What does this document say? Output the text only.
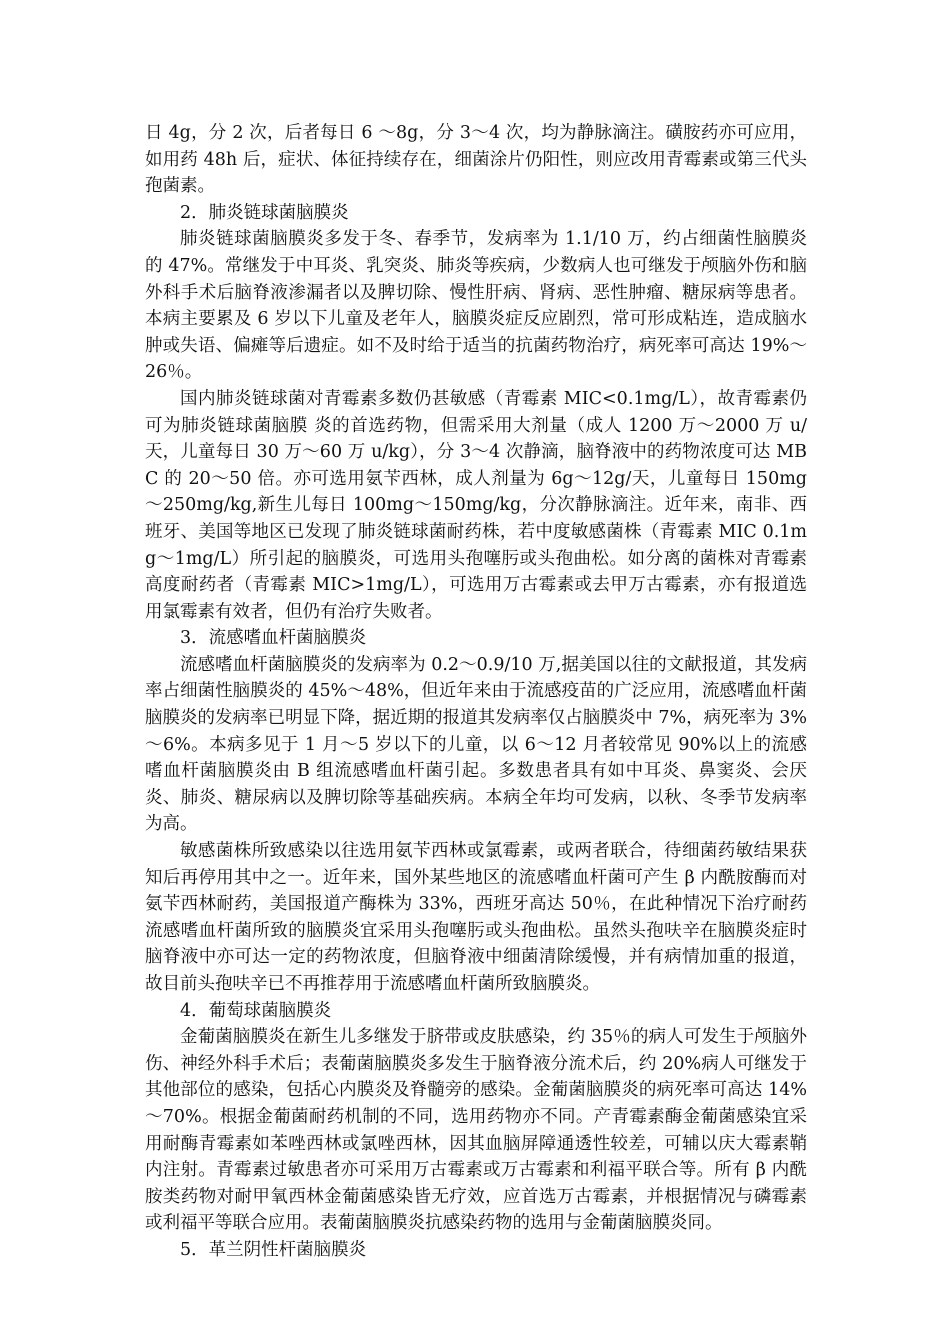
日 4g，分 2 次，后者每日 6 ～8g，分 3～4 次，均为静脉滴注。磺胺药亦可应用，如用药 48h 后，症状、体征持续存在，细菌涂片仍阳性，则应改用青霉素或第三代头孢菌素。

2．肺炎链球菌脑膜炎

肺炎链球菌脑膜炎多发于冬、春季节，发病率为 1.1/10 万，约占细菌性脑膜炎的 47%。常继发于中耳炎、乳突炎、肺炎等疾病，少数病人也可继发于颅脑外伤和脑外科手术后脑脊液渗漏者以及脾切除、慢性肝病、肾病、恶性肿瘤、糖尿病等患者。本病主要累及 6 岁以下儿童及老年人，脑膜炎症反应剧烈，常可形成粘连，造成脑水肿或失语、偏瘫等后遗症。如不及时给于适当的抗菌药物治疗，病死率可高达 19%～26％。

国内肺炎链球菌对青霉素多数仍甚敏感（青霉素 MIC<0.1mg/L），故青霉素仍可为肺炎链球菌脑膜 炎的首选药物，但需采用大剂量（成人 1200 万～2000 万 u/天，儿童每日 30 万～60 万 u/kg），分 3～4 次静滴，脑脊液中的药物浓度可达 MBC 的 20～50 倍。亦可选用氨苄西林，成人剂量为 6g～12g/天，儿童每日 150mg～250mg/kg,新生儿每日 100mg～150mg/kg，分次静脉滴注。近年来，南非、西班牙、美国等地区已发现了肺炎链球菌耐药株，若中度敏感菌株（青霉素 MIC 0.1mg～1mg/L）所引起的脑膜炎，可选用头孢噻肟或头孢曲松。如分离的菌株对青霉素高度耐药者（青霉素 MIC>1mg/L），可选用万古霉素或去甲万古霉素，亦有报道选用氯霉素有效者，但仍有治疗失败者。

3．流感嗜血杆菌脑膜炎

流感嗜血杆菌脑膜炎的发病率为 0.2～0.9/10 万,据美国以往的文献报道，其发病率占细菌性脑膜炎的 45%～48%，但近年来由于流感疫苗的广泛应用，流感嗜血杆菌脑膜炎的发病率已明显下降，据近期的报道其发病率仅占脑膜炎中 7%，病死率为 3%～6%。本病多见于 1 月～5 岁以下的儿童，以 6～12 月者较常见 90%以上的流感嗜血杆菌脑膜炎由 B 组流感嗜血杆菌引起。多数患者具有如中耳炎、鼻窦炎、会厌炎、肺炎、糖尿病以及脾切除等基础疾病。本病全年均可发病，以秋、冬季节发病率为高。

敏感菌株所致感染以往选用氨苄西林或氯霉素，或两者联合，待细菌药敏结果获知后再停用其中之一。近年来，国外某些地区的流感嗜血杆菌可产生 β 内酰胺酶而对氨苄西林耐药，美国报道产酶株为 33%，西班牙高达 50％，在此种情况下治疗耐药流感嗜血杆菌所致的脑膜炎宜采用头孢噻肟或头孢曲松。虽然头孢呋辛在脑膜炎症时脑脊液中亦可达一定的药物浓度，但脑脊液中细菌清除缓慢，并有病情加重的报道，故目前头孢呋辛已不再推荐用于流感嗜血杆菌所致脑膜炎。

4．葡萄球菌脑膜炎

金葡菌脑膜炎在新生儿多继发于脐带或皮肤感染，约 35％的病人可发生于颅脑外伤、神经外科手术后；表葡菌脑膜炎多发生于脑脊液分流术后，约 20%病人可继发于其他部位的感染，包括心内膜炎及脊髓旁的感染。金葡菌脑膜炎的病死率可高达 14%～70%。根据金葡菌耐药机制的不同，选用药物亦不同。产青霉素酶金葡菌感染宜采用耐酶青霉素如苯唑西林或氯唑西林，因其血脑屏障通透性较差，可辅以庆大霉素鞘内注射。青霉素过敏患者亦可采用万古霉素或万古霉素和利福平联合等。所有 β 内酰胺类药物对耐甲氧西林金葡菌感染皆无疗效，应首选万古霉素，并根据情况与磷霉素或利福平等联合应用。表葡菌脑膜炎抗感染药物的选用与金葡菌脑膜炎同。

5．革兰阴性杆菌脑膜炎
